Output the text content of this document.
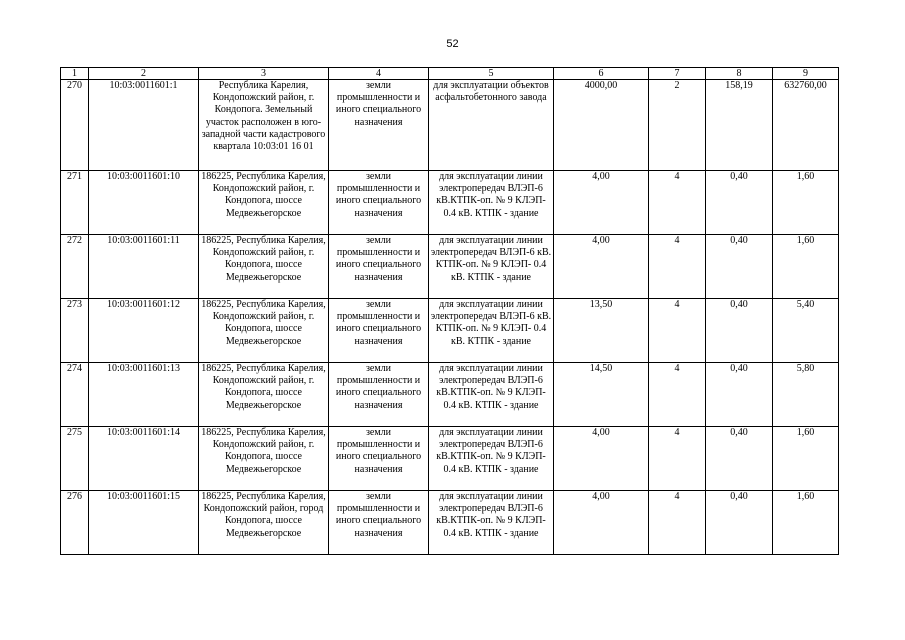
52
1	2	3	4	5	6	7	8	9
270	10:03:0011601:1	Республика Карелия, Кондопожский район, г. Кондопога. Земельный участок расположен в юго-западной части кадастрового квартала 10:03:01 16 01	земли промышленности и иного специального назначения	для эксплуатации объектов асфальтобетонного завода	4000,00	2	158,19	632760,00
271	10:03:0011601:10	186225, Республика Карелия, Кондопожский район, г. Кондопога, шоссе Медвежьегорское	земли промышленности и иного специального назначения	для эксплуатации линии электропередач ВЛЭП-6 кВ.КТПК-оп. № 9 КЛЭП- 0.4 кВ. КТПК - здание	4,00	4	0,40	1,60
272	10:03:0011601:11	186225, Республика Карелия, Кондопожский район, г. Кондопога, шоссе Медвежьегорское	земли промышленности и иного специального назначения	для эксплуатации линии электропередач ВЛЭП-6 кВ. КТПК-оп. № 9 КЛЭП- 0.4 кВ. КТПК - здание	4,00	4	0,40	1,60
273	10:03:0011601:12	186225, Республика Карелия, Кондопожский район, г. Кондопога, шоссе Медвежьегорское	земли промышленности и иного специального назначения	для эксплуатации линии электропередач ВЛЭП-6 кВ. КТПК-оп. № 9 КЛЭП- 0.4 кВ. КТПК - здание	13,50	4	0,40	5,40
274	10:03:0011601:13	186225, Республика Карелия, Кондопожский район, г. Кондопога, шоссе Медвежьегорское	земли промышленности и иного специального назначения	для эксплуатации линии электропередач ВЛЭП-6 кВ.КТПК-оп. № 9 КЛЭП- 0.4 кВ. КТПК - здание	14,50	4	0,40	5,80
275	10:03:0011601:14	186225, Республика Карелия, Кондопожский район, г. Кондопога, шоссе Медвежьегорское	земли промышленности и иного специального назначения	для эксплуатации линии электропередач ВЛЭП-6 кВ.КТПК-оп. № 9 КЛЭП- 0.4 кВ. КТПК - здание	4,00	4	0,40	1,60
276	10:03:0011601:15	186225, Республика Карелия, Кондопожский район, город Кондопога, шоссе Медвежьегорское	земли промышленности и иного специального назначения	для эксплуатации линии электропередач ВЛЭП-6 кВ.КТПК-оп. № 9 КЛЭП- 0.4 кВ. КТПК - здание	4,00	4	0,40	1,60
